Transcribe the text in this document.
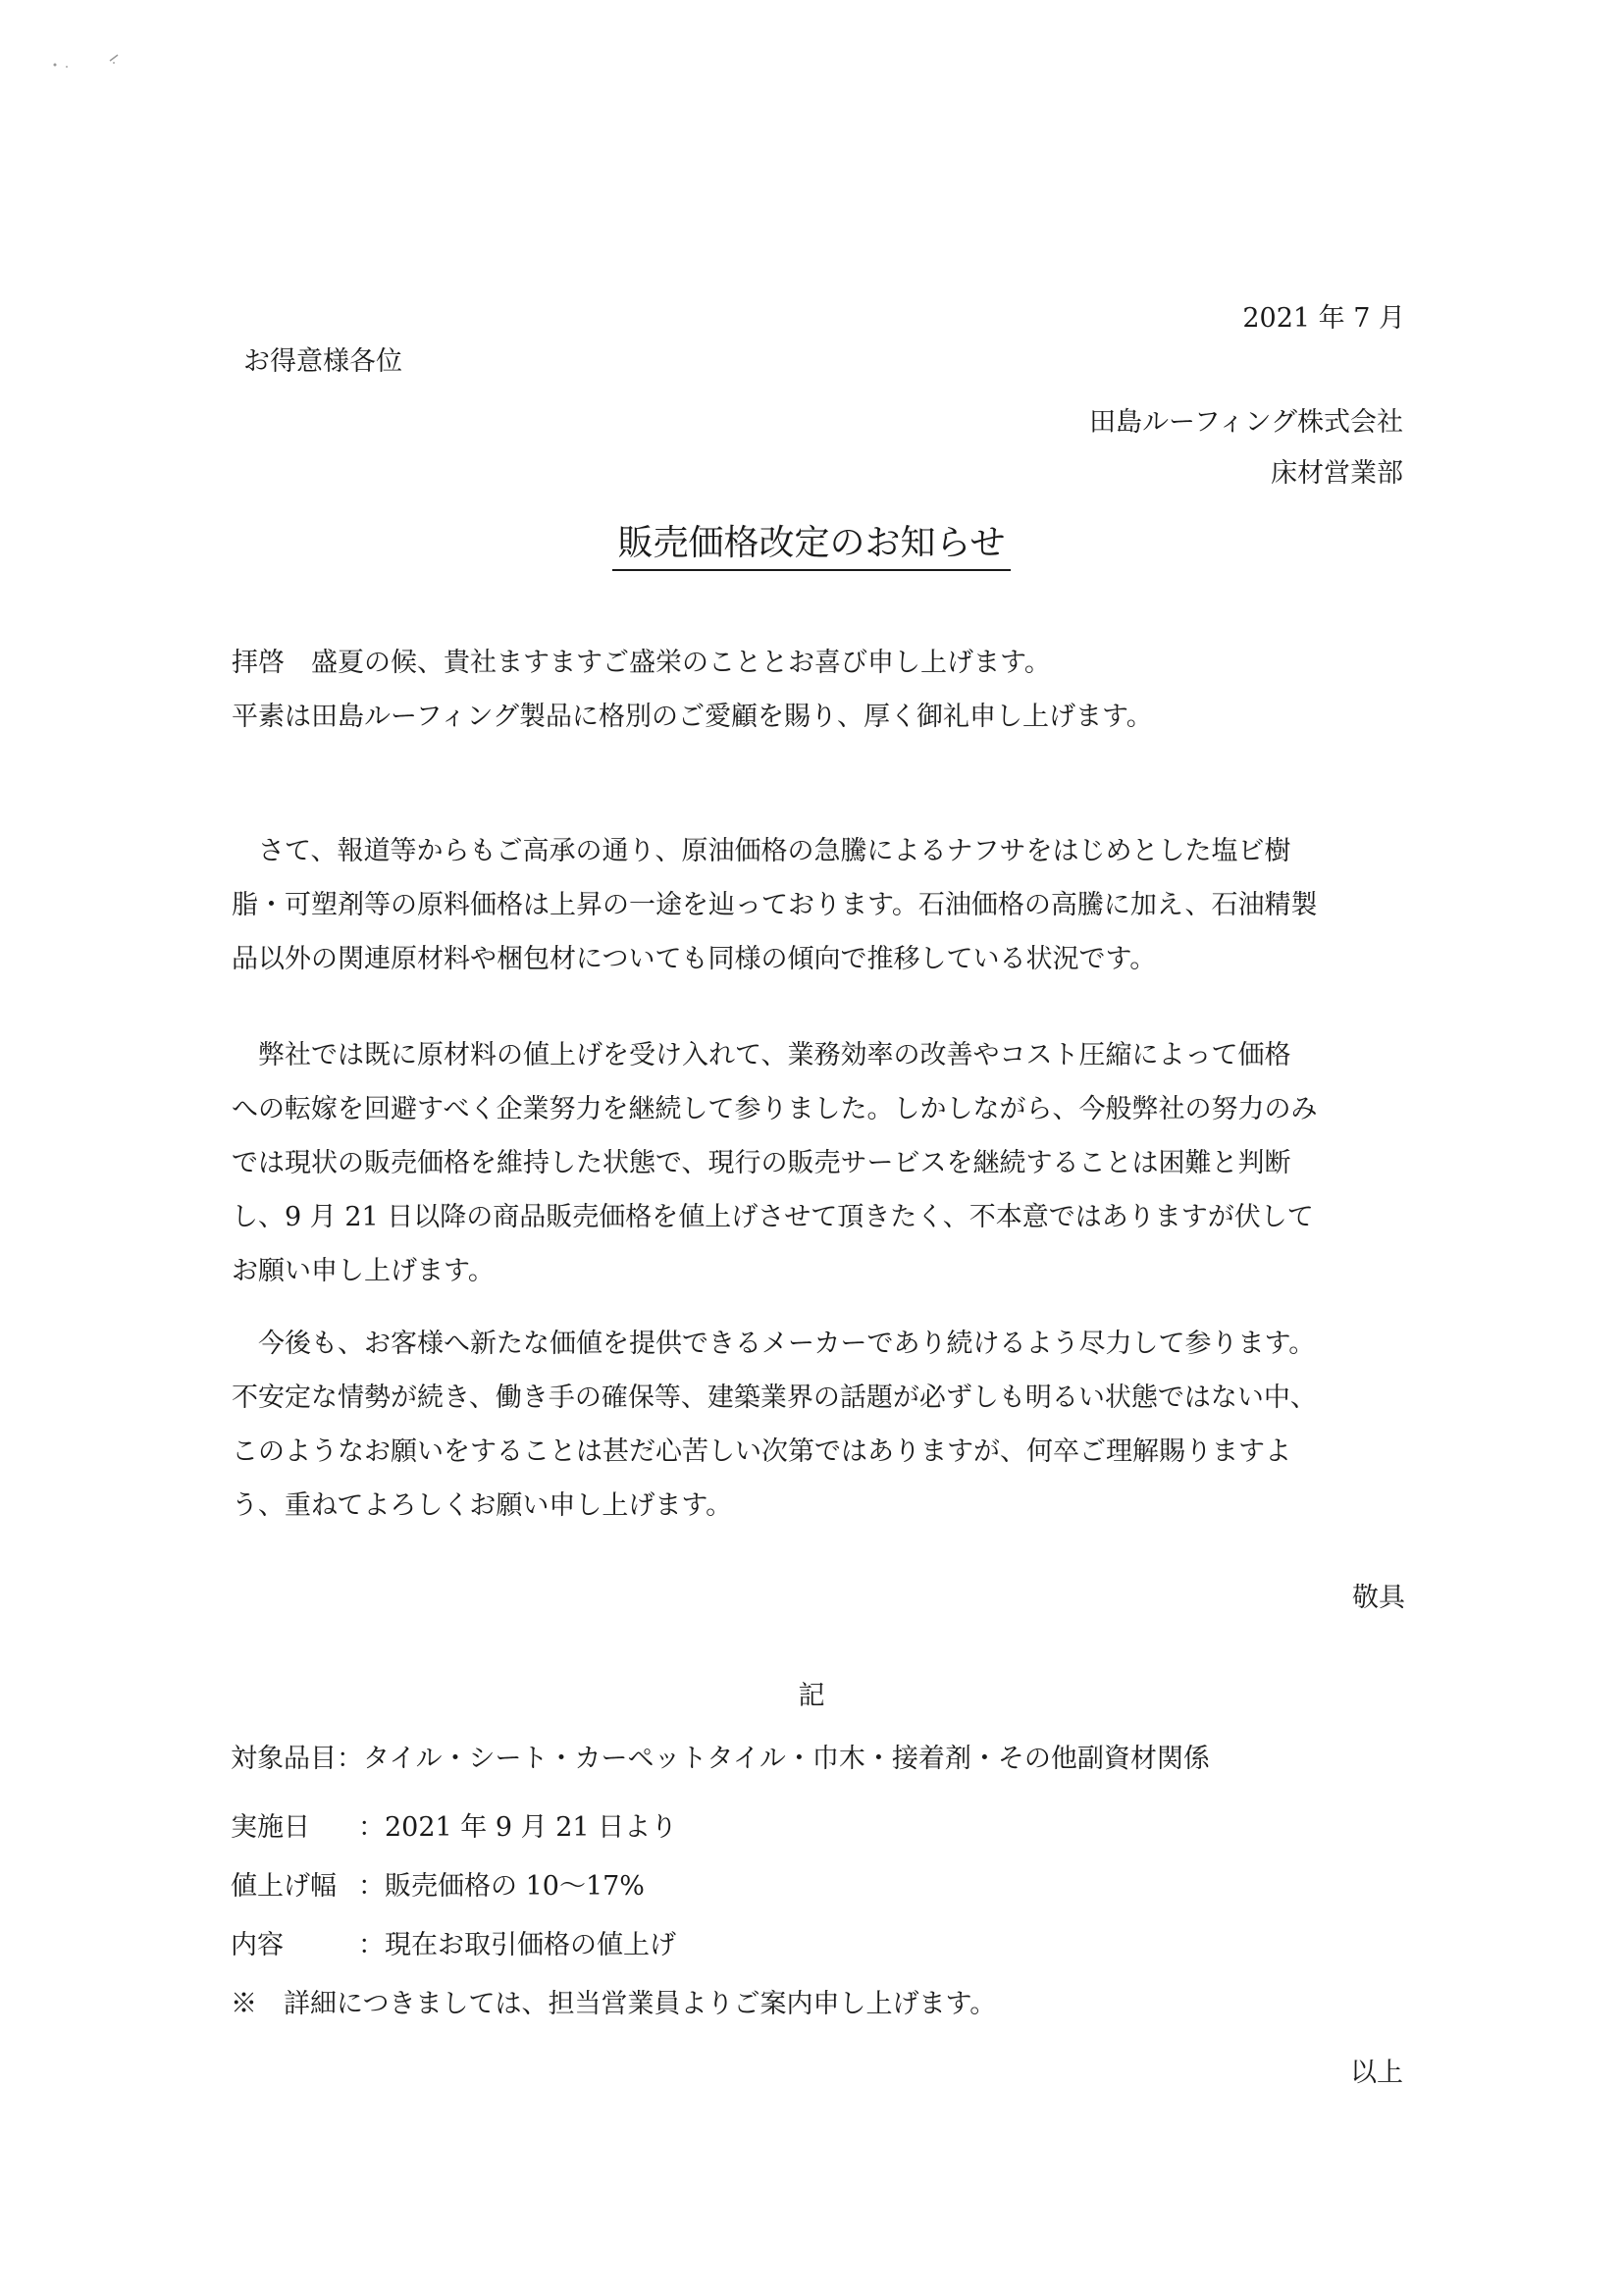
2021 年 7 月
お得意様各位
田島ルーフィング株式会社
床材営業部
販売価格改定のお知らせ
拝啓　盛夏の候、貴社ますますご盛栄のこととお喜び申し上げます。
平素は田島ルーフィング製品に格別のご愛顧を賜り、厚く御礼申し上げます。
　さて、報道等からもご高承の通り、原油価格の急騰によるナフサをはじめとした塩ビ樹
脂・可塑剤等の原料価格は上昇の一途を辿っております。石油価格の高騰に加え、石油精製
品以外の関連原材料や梱包材についても同様の傾向で推移している状況です。
　弊社では既に原材料の値上げを受け入れて、業務効率の改善やコスト圧縮によって価格
への転嫁を回避すべく企業努力を継続して参りました。しかしながら、今般弊社の努力のみ
では現状の販売価格を維持した状態で、現行の販売サービスを継続することは困難と判断
し、9 月 21 日以降の商品販売価格を値上げさせて頂きたく、不本意ではありますが伏して
お願い申し上げます。
　今後も、お客様へ新たな価値を提供できるメーカーであり続けるよう尽力して参ります。
不安定な情勢が続き、働き手の確保等、建築業界の話題が必ずしも明るい状態ではない中、
このようなお願いをすることは甚だ心苦しい次第ではありますが、何卒ご理解賜りますよ
う、重ねてよろしくお願い申し上げます。
敬具
記
対象品目：タイル・シート・カーペットタイル・巾木・接着剤・その他副資材関係
実施日 ：2021 年 9 月 21 日より
値上げ幅 ：販売価格の 10〜17%
内容	：現在お取引価格の値上げ
※　詳細につきましては、担当営業員よりご案内申し上げます。
以上
